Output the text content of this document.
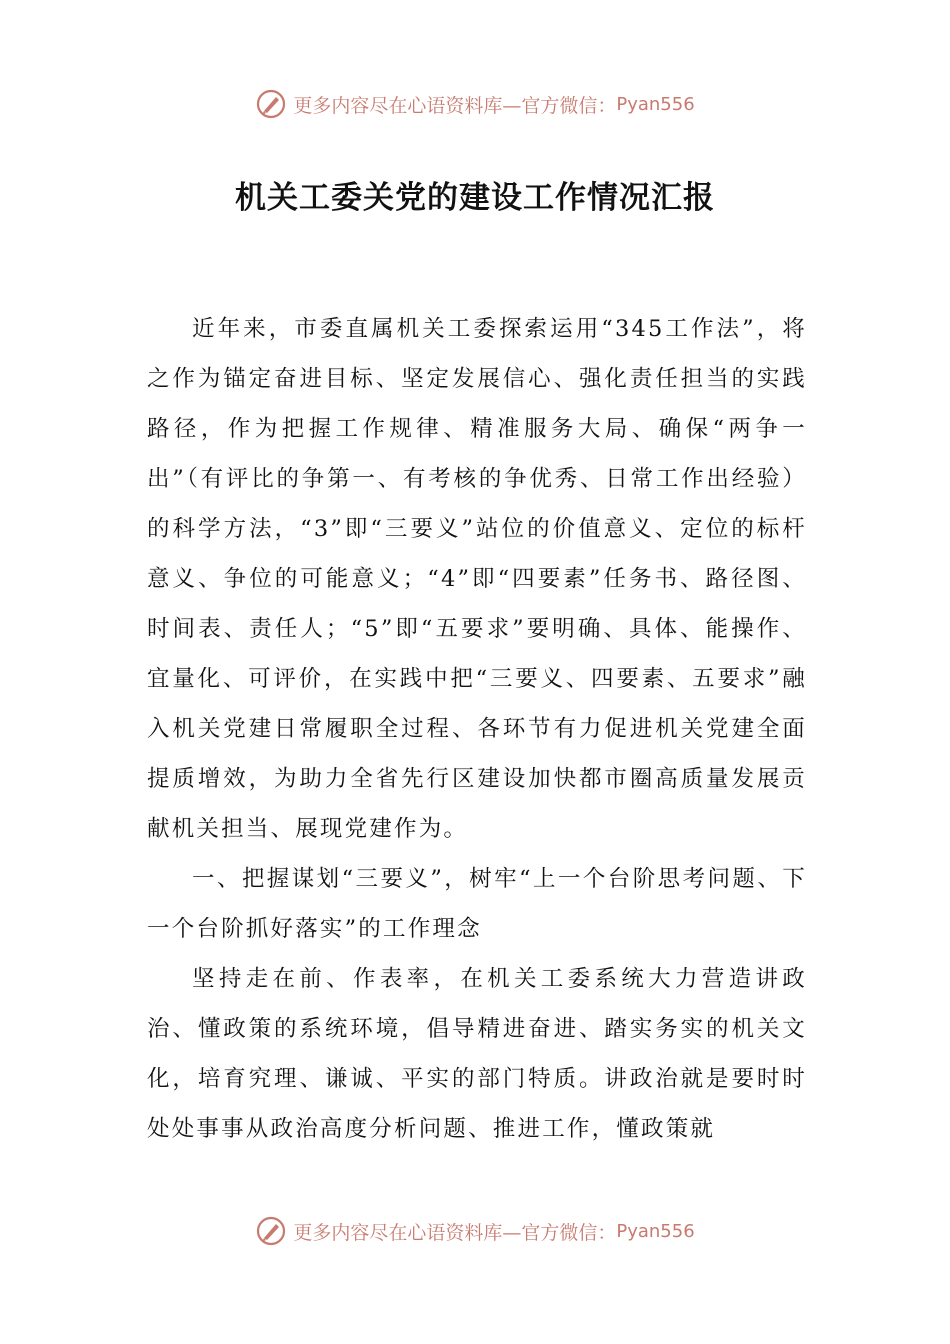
更多内容尽在心语资料库—官方微信： Pyan556
机关工委关党的建设工作情况汇报

近年来，市委直属机关工委探索运用“345工作法”，将之作为锚定奋进目标、坚定发展信心、强化责任担当的实践路径，作为把握工作规律、精准服务大局、确保“两争一出”（有评比的争第一、有考核的争优秀、日常工作出经验）的科学方法，“3”即“三要义”站位的价值意义、定位的标杆意义、争位的可能意义；“4”即“四要素”任务书、路径图、时间表、责任人；“5”即“五要求”要明确、具体、能操作、宜量化、可评价，在实践中把“三要义、四要素、五要求”融入机关党建日常履职全过程、各环节有力促进机关党建全面提质增效，为助力全省先行区建设加快都市圈高质量发展贡献机关担当、展现党建作为。

一、把握谋划“三要义”，树牢“上一个台阶思考问题、下一个台阶抓好落实”的工作理念

坚持走在前、作表率，在机关工委系统大力营造讲政治、懂政策的系统环境，倡导精进奋进、踏实务实的机关文化，培育究理、谦诚、平实的部门特质。讲政治就是要时时处处事事从政治高度分析问题、推进工作，懂政策就

更多内容尽在心语资料库—官方微信： Pyan556
